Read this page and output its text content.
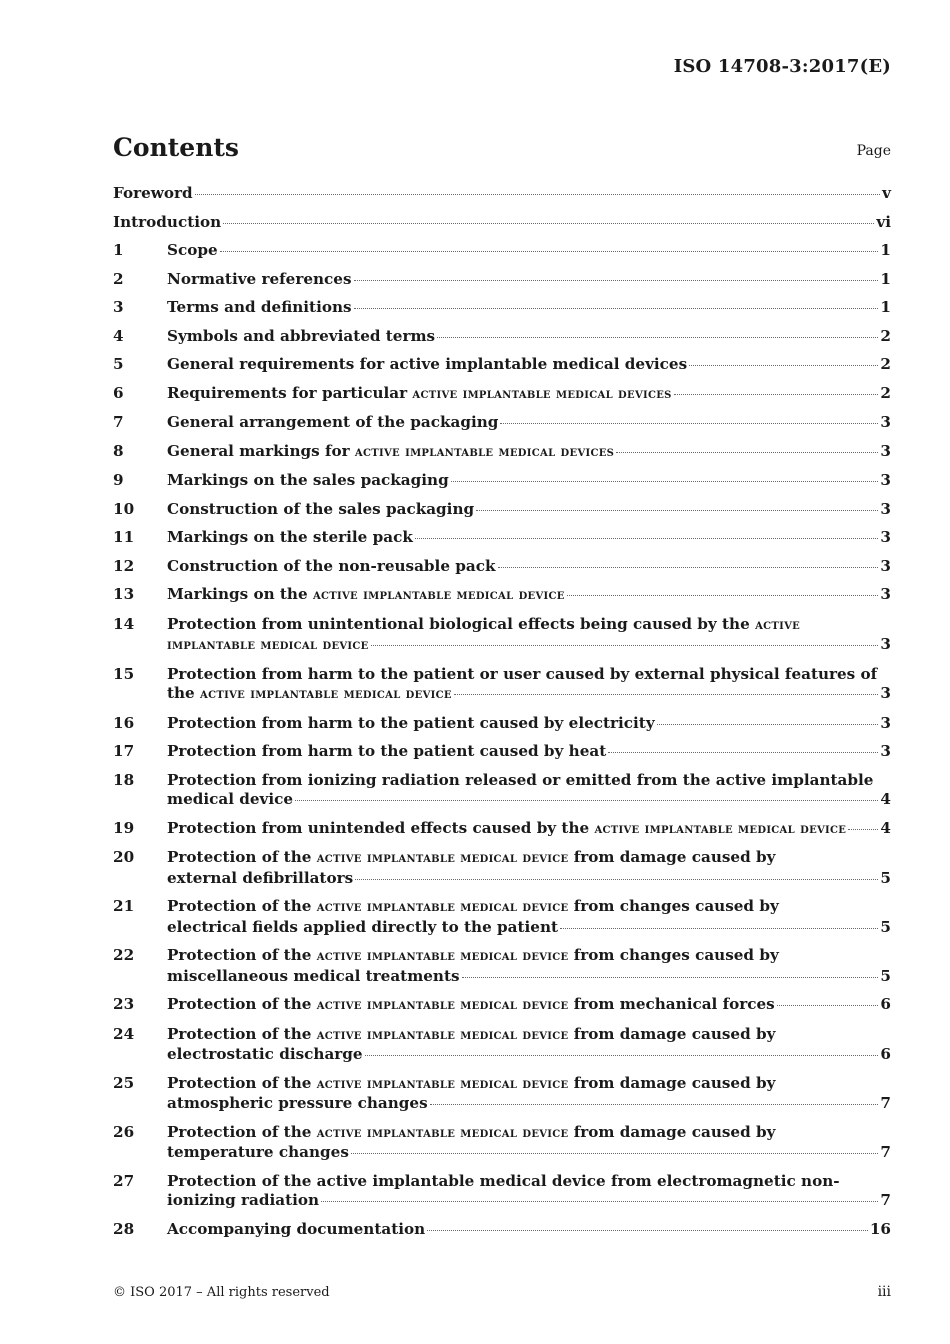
ISO 14708-3:2017(E)
Contents	Page
Foreword	v
Introduction	vi
1	Scope	1
2	Normative references	1
3	Terms and definitions	1
4	Symbols and abbreviated terms	2
5	General requirements for active implantable medical devices	2
6	Requirements for particular active implantable medical devices	2
7	General arrangement of the packaging	3
8	General markings for active implantable medical devices	3
9	Markings on the sales packaging	3
10 Construction of the sales packaging	3
11 Markings on the sterile pack	3
12 Construction of the non-reusable pack	3
13 Markings on the active implantable medical device	3
14 Protection from unintentional biological effects being caused by the active
implantable medical device	3
15 Protection from harm to the patient or user caused by external physical features of
the active implantable medical device	3
16 Protection from harm to the patient caused by electricity	3
17 Protection from harm to the patient caused by heat	3
18 Protection from ionizing radiation released or emitted from the active implantable
medical device	4
19 Protection from unintended effects caused by the active implantable medical device 4
20 Protection of the active implantable medical device from damage caused by
external defibrillators	5
21 Protection of the active implantable medical device from changes caused by
electrical fields applied directly to the patient	5
22 Protection of the active implantable medical device from changes caused by
miscellaneous medical treatments	5
23 Protection of the active implantable medical device from mechanical forces	6
24 Protection of the active implantable medical device from damage caused by
electrostatic discharge	6
25 Protection of the active implantable medical device from damage caused by
atmospheric pressure changes	7
26 Protection of the active implantable medical device from damage caused by
temperature changes	7
27 Protection of the active implantable medical device from electromagnetic non-
ionizing radiation	7
28 Accompanying documentation	16
© ISO 2017 – All rights reserved	iii
